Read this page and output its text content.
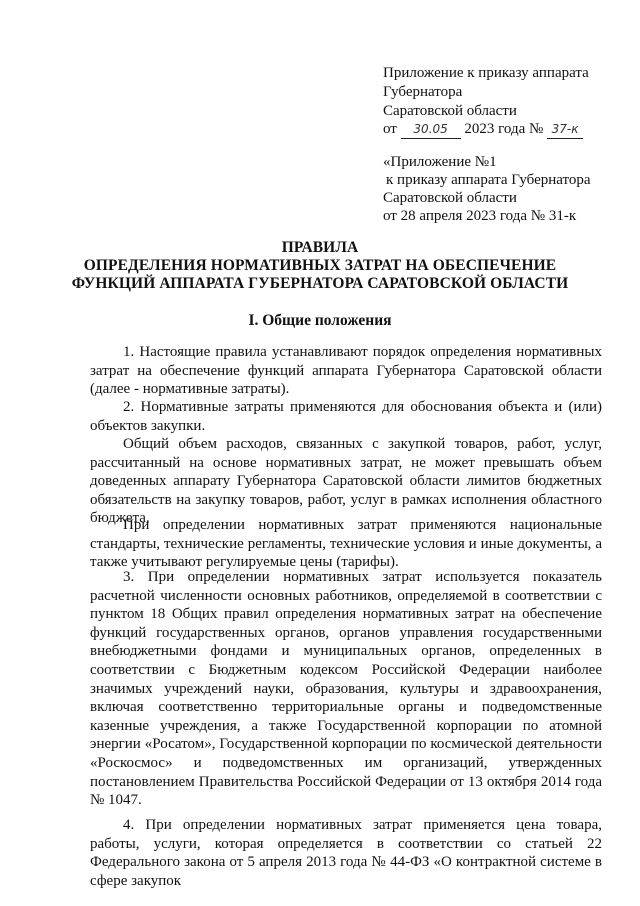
Приложение к приказу аппарата
Губернатора
Саратовской области
от 30.05 2023 года № 37-к
«Приложение №1
к приказу аппарата Губернатора
Саратовской области
от 28 апреля 2023 года № 31-к
ПРАВИЛА
ОПРЕДЕЛЕНИЯ НОРМАТИВНЫХ ЗАТРАТ НА ОБЕСПЕЧЕНИЕ
ФУНКЦИЙ АППАРАТА ГУБЕРНАТОРА САРАТОВСКОЙ ОБЛАСТИ
I. Общие положения
1. Настоящие правила устанавливают порядок определения нормативных затрат на обеспечение функций аппарата Губернатора Саратовской области (далее - нормативные затраты).
2. Нормативные затраты применяются для обоснования объекта и (или) объектов закупки.
Общий объем расходов, связанных с закупкой товаров, работ, услуг, рассчитанный на основе нормативных затрат, не может превышать объем доведенных аппарату Губернатора Саратовской области лимитов бюджетных обязательств на закупку товаров, работ, услуг в рамках исполнения областного бюджета.
При определении нормативных затрат применяются национальные стандарты, технические регламенты, технические условия и иные документы, а также учитывают регулируемые цены (тарифы).
3. При определении нормативных затрат используется показатель расчетной численности основных работников, определяемой в соответствии с пунктом 18 Общих правил определения нормативных затрат на обеспечение функций государственных органов, органов управления государственными внебюджетными фондами и муниципальных органов, определенных в соответствии с Бюджетным кодексом Российской Федерации наиболее значимых учреждений науки, образования, культуры и здравоохранения, включая соответственно территориальные органы и подведомственные казенные учреждения, а также Государственной корпорации по атомной энергии «Росатом», Государственной корпорации по космической деятельности «Роскосмос» и подведомственных им организаций, утвержденных постановлением Правительства Российской Федерации от 13 октября 2014 года № 1047.
4. При определении нормативных затрат применяется цена товара, работы, услуги, которая определяется в соответствии со статьей 22 Федерального закона от 5 апреля 2013 года № 44-ФЗ «О контрактной системе в сфере закупок
